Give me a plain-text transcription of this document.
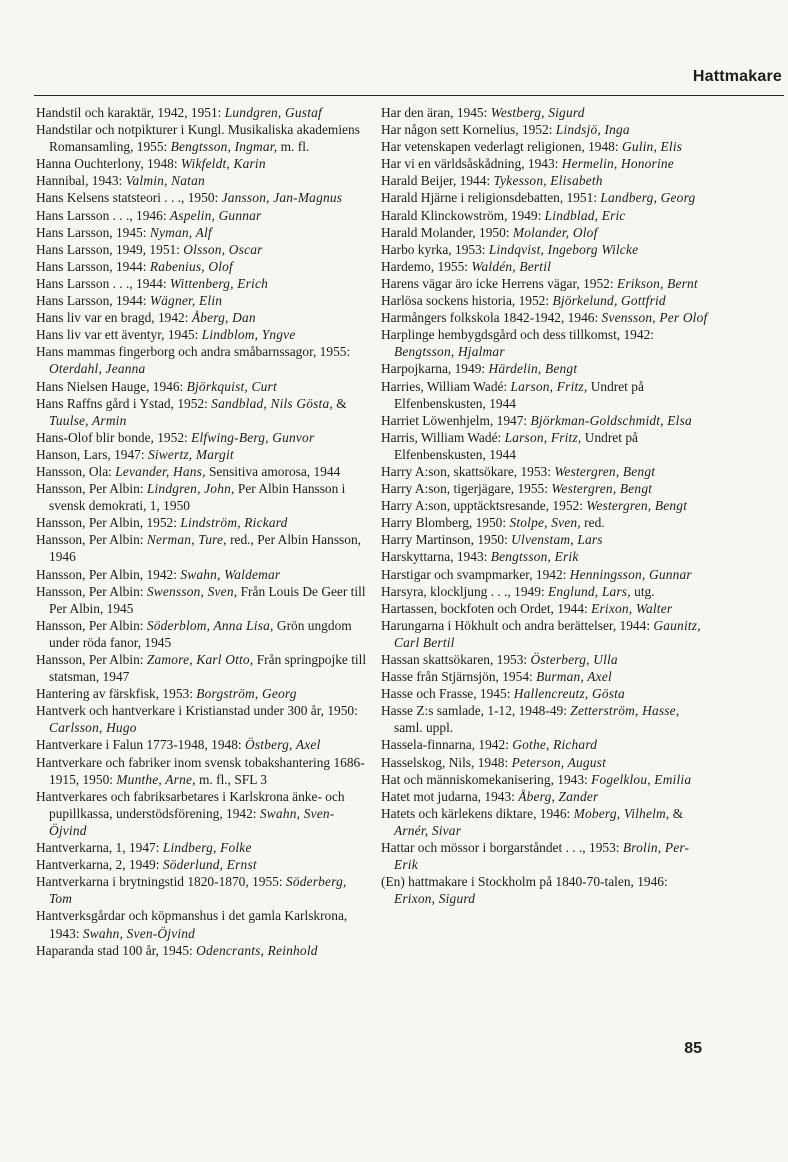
Hattmakare

Handstil och karaktär, 1942, 1951: Lundgren, Gustaf

Handstilar och notpikturer i Kungl. Musikaliska akademiens Romansamling, 1955: Bengtsson, Ingmar, m. fl.

Hanna Ouchterlony, 1948: Wikfeldt, Karin

Hannibal, 1943: Valmin, Natan

Hans Kelsens statsteori . . ., 1950: Jansson, Jan-Magnus

Hans Larsson . . ., 1946: Aspelin, Gunnar

Hans Larsson, 1945: Nyman, Alf

Hans Larsson, 1949, 1951: Olsson, Oscar

Hans Larsson, 1944: Rabenius, Olof

Hans Larsson . . ., 1944: Wittenberg, Erich

Hans Larsson, 1944: Wägner, Elin

Hans liv var en bragd, 1942: Åberg, Dan

Hans liv var ett äventyr, 1945: Lindblom, Yngve

Hans mammas fingerborg och andra småbarnssagor, 1955: Oterdahl, Jeanna

Hans Nielsen Hauge, 1946: Björkquist, Curt

Hans Raffns gård i Ystad, 1952: Sandblad, Nils Gösta, & Tuulse, Armin

Hans-Olof blir bonde, 1952: Elfwing-Berg, Gunvor

Hanson, Lars, 1947: Siwertz, Margit

Hansson, Ola: Levander, Hans, Sensitiva amorosa, 1944

Hansson, Per Albin: Lindgren, John, Per Albin Hansson i svensk demokrati, 1, 1950

Hansson, Per Albin, 1952: Lindström, Rickard

Hansson, Per Albin: Nerman, Ture, red., Per Albin Hansson, 1946

Hansson, Per Albin, 1942: Swahn, Waldemar

Hansson, Per Albin: Swensson, Sven, Från Louis De Geer till Per Albin, 1945

Hansson, Per Albin: Söderblom, Anna Lisa, Grön ungdom under röda fanor, 1945

Hansson, Per Albin: Zamore, Karl Otto, Från springpojke till statsman, 1947

Hantering av färskfisk, 1953: Borgström, Georg

Hantverk och hantverkare i Kristianstad under 300 år, 1950: Carlsson, Hugo

Hantverkare i Falun 1773-1948, 1948: Östberg, Axel

Hantverkare och fabriker inom svensk tobakshantering 1686-1915, 1950: Munthe, Arne, m. fl., SFL 3

Hantverkares och fabriksarbetares i Karlskrona änke- och pupillkassa, understödsförening, 1942: Swahn, Sven-Öjvind

Hantverkarna, 1, 1947: Lindberg, Folke

Hantverkarna, 2, 1949: Söderlund, Ernst

Hantverkarna i brytningstid 1820-1870, 1955: Söderberg, Tom

Hantverksgårdar och köpmanshus i det gamla Karlskrona, 1943: Swahn, Sven-Öjvind

Haparanda stad 100 år, 1945: Odencrants, Reinhold

Har den äran, 1945: Westberg, Sigurd

Har någon sett Kornelius, 1952: Lindsjö, Inga

Har vetenskapen vederlagt religionen, 1948: Gulin, Elis

Har vi en världsåskådning, 1943: Hermelin, Honorine

Harald Beijer, 1944: Tykesson, Elisabeth

Harald Hjärne i religionsdebatten, 1951: Landberg, Georg

Harald Klinckowström, 1949: Lindblad, Eric

Harald Molander, 1950: Molander, Olof

Harbo kyrka, 1953: Lindqvist, Ingeborg Wilcke

Hardemo, 1955: Waldén, Bertil

Harens vägar äro icke Herrens vägar, 1952: Erikson, Bernt

Harlösa sockens historia, 1952: Björkelund, Gottfrid

Harmångers folkskola 1842-1942, 1946: Svensson, Per Olof

Harplinge hembygdsgård och dess tillkomst, 1942: Bengtsson, Hjalmar

Harpojkarna, 1949: Härdelin, Bengt

Harries, William Wadé: Larson, Fritz, Undret på Elfenbenskusten, 1944

Harriet Löwenhjelm, 1947: Björkman-Goldschmidt, Elsa

Harris, William Wadé: Larson, Fritz, Undret på Elfenbenskusten, 1944

Harry A:son, skattsökare, 1953: Westergren, Bengt

Harry A:son, tigerjägare, 1955: Westergren, Bengt

Harry A:son, upptäcktsresande, 1952: Westergren, Bengt

Harry Blomberg, 1950: Stolpe, Sven, red.

Harry Martinson, 1950: Ulvenstam, Lars

Harskyttarna, 1943: Bengtsson, Erik

Harstigar och svampmarker, 1942: Henningsson, Gunnar

Harsyra, klockljung . . ., 1949: Englund, Lars, utg.

Hartassen, bockfoten och Ordet, 1944: Erixon, Walter

Harungarna i Hökhult och andra berättelser, 1944: Gaunitz, Carl Bertil

Hassan skattsökaren, 1953: Österberg, Ulla

Hasse från Stjärnsjön, 1954: Burman, Axel

Hasse och Frasse, 1945: Hallencreutz, Gösta

Hasse Z:s samlade, 1-12, 1948-49: Zetterström, Hasse, saml. uppl.

Hassela-finnarna, 1942: Gothe, Richard

Hasselskog, Nils, 1948: Peterson, August

Hat och människomekanisering, 1943: Fogelklou, Emilia

Hatet mot judarna, 1943: Åberg, Zander

Hatets och kärlekens diktare, 1946: Moberg, Vilhelm, & Arnér, Sivar

Hattar och mössor i borgarståndet . . ., 1953: Brolin, Per-Erik

(En) hattmakare i Stockholm på 1840-70-talen, 1946: Erixon, Sigurd

85
